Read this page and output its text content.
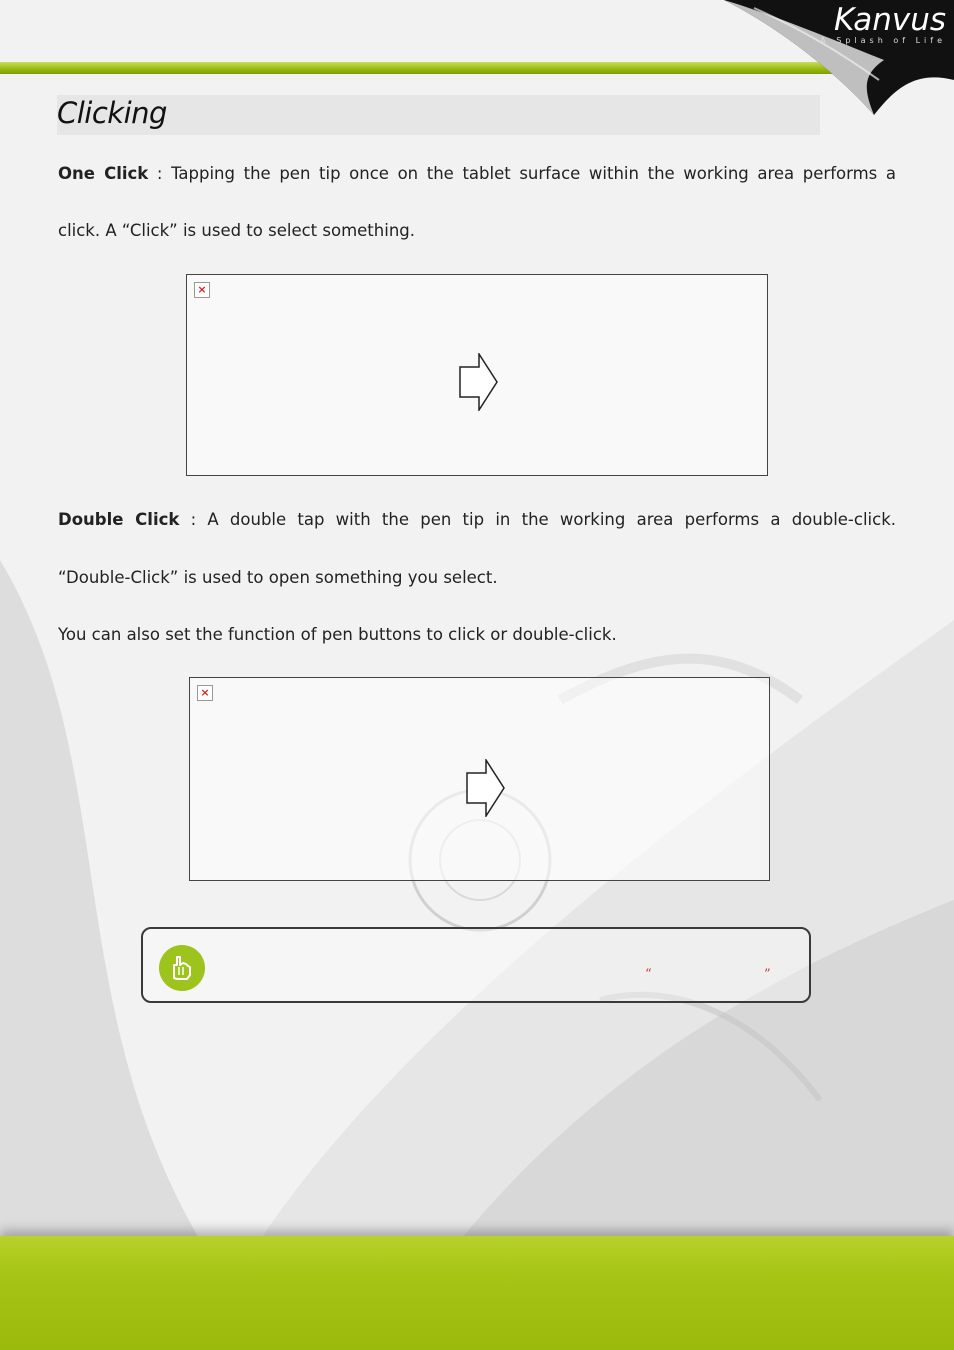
Kanvus
A Splash of Life
Clicking

One Click : Tapping the pen tip once on the tablet surface within the working area performs a

click. A “Click” is used to select something.

×

Double Click : A double tap with the pen tip in the working area performs a double-click.

“Double-Click” is used to open something you select.

You can also set the function of pen buttons to click or double-click.

×
“	”
